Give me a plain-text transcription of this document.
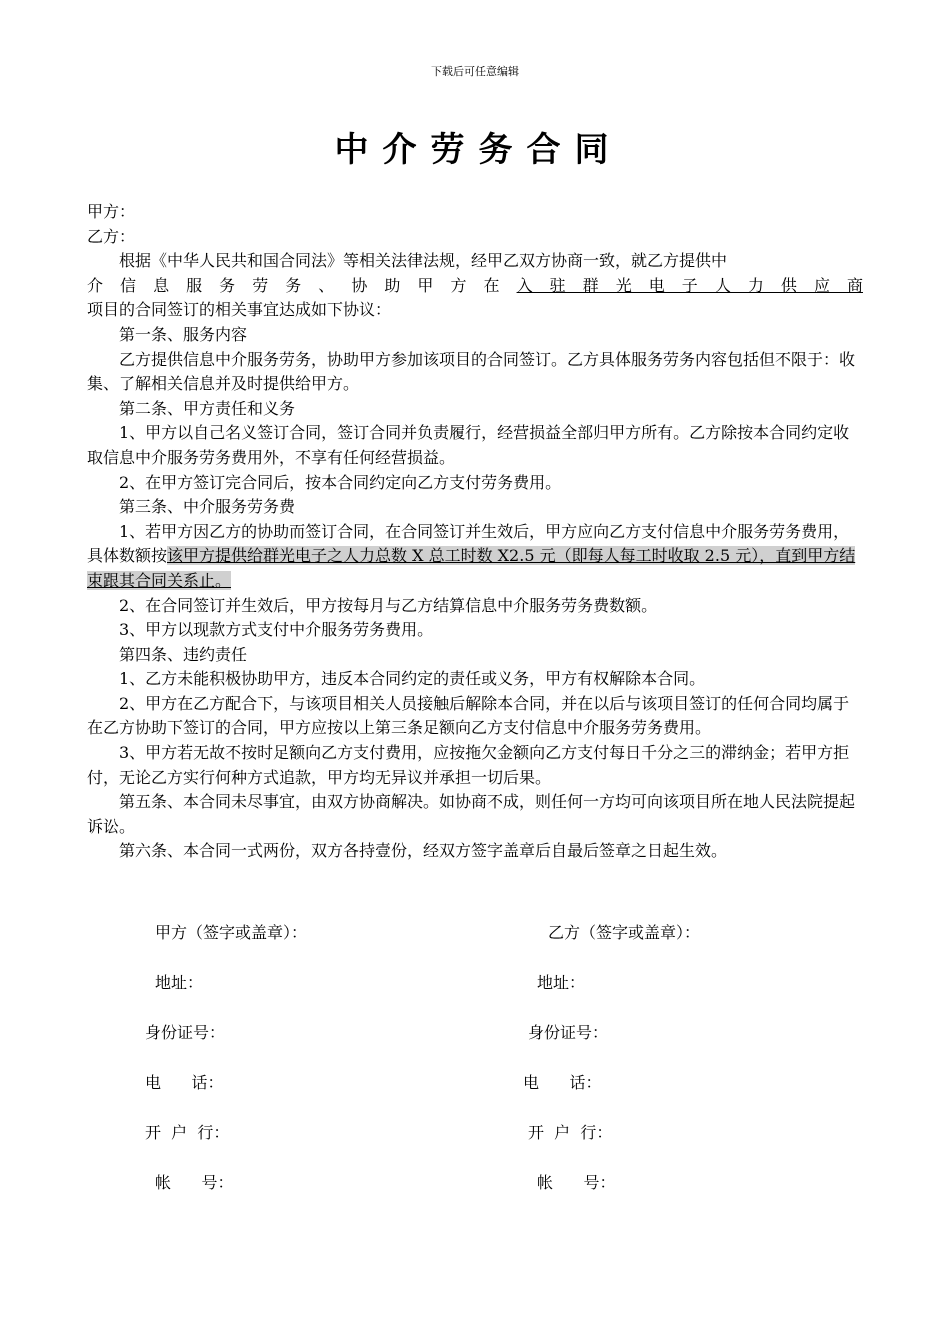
下载后可任意编辑
中介劳务合同

甲方：

乙方：

根据《中华人民共和国合同法》等相关法律法规，经甲乙双方协商一致，就乙方提供中

介信息服务劳务、协助甲方在入驻群光电子人力供应商

项目的合同签订的相关事宜达成如下协议：

第一条、服务内容

乙方提供信息中介服务劳务，协助甲方参加该项目的合同签订。乙方具体服务劳务内容包括但不限于：收集、了解相关信息并及时提供给甲方。

第二条、甲方责任和义务

1、甲方以自己名义签订合同，签订合同并负责履行，经营损益全部归甲方所有。乙方除按本合同约定收取信息中介服务劳务费用外，不享有任何经营损益。

2、在甲方签订完合同后，按本合同约定向乙方支付劳务费用。

第三条、中介服务劳务费

1、若甲方因乙方的协助而签订合同，在合同签订并生效后，甲方应向乙方支付信息中介服务劳务费用，具体数额按该甲方提供给群光电子之人力总数 X 总工时数 X2.5 元（即每人每工时收取 2.5 元），直到甲方结束跟其合同关系止。

2、在合同签订并生效后，甲方按每月与乙方结算信息中介服务劳务费数额。

3、甲方以现款方式支付中介服务劳务费用。

第四条、违约责任

1、乙方未能积极协助甲方，违反本合同约定的责任或义务，甲方有权解除本合同。

2、甲方在乙方配合下，与该项目相关人员接触后解除本合同，并在以后与该项目签订的任何合同均属于在乙方协助下签订的合同，甲方应按以上第三条足额向乙方支付信息中介服务劳务费用。

3、甲方若无故不按时足额向乙方支付费用，应按拖欠金额向乙方支付每日千分之三的滞纳金；若甲方拒付，无论乙方实行何种方式追款，甲方均无异议并承担一切后果。

第五条、本合同未尽事宜，由双方协商解决。如协商不成，则任何一方均可向该项目所在地人民法院提起诉讼。

第六条、本合同一式两份，双方各持壹份，经双方签字盖章后自最后签章之日起生效。

甲方（签字或盖章）：	乙方（签字或盖章）：
地址：	地址：
身份证号：	身份证号：
电      话：	电      话：
开  户  行：	开  户  行：
帐      号：	帐      号：
